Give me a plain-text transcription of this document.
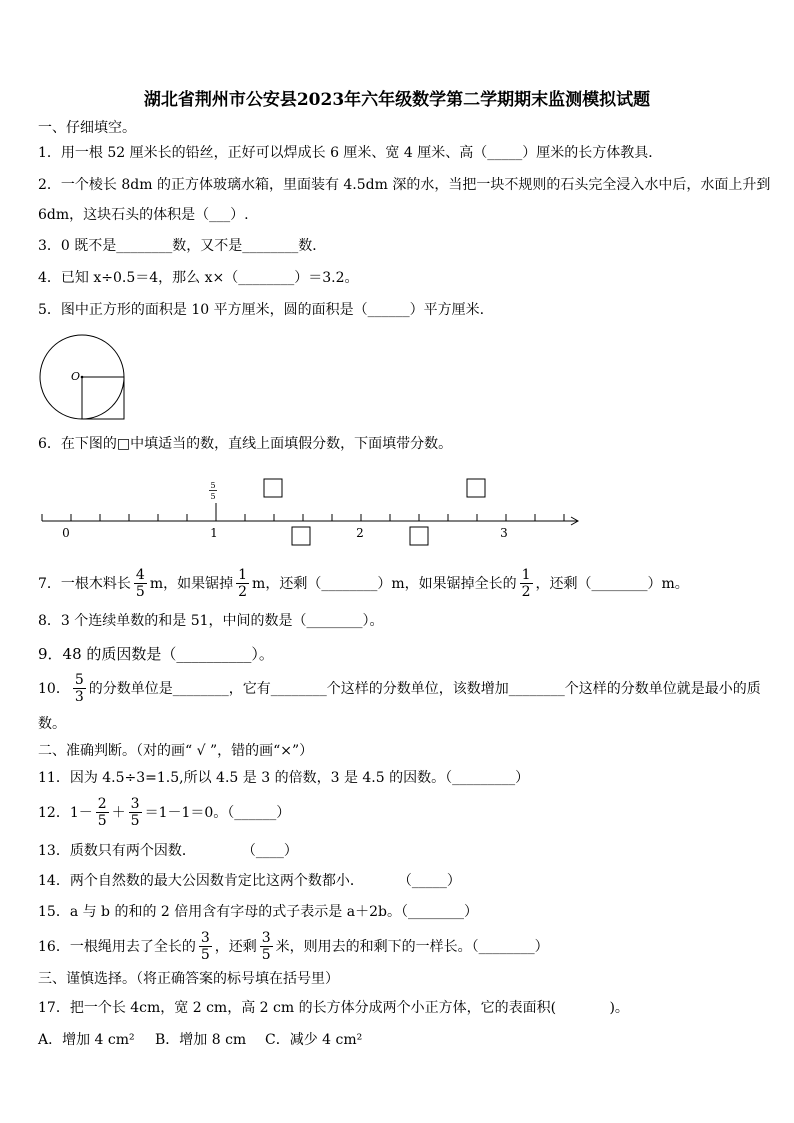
湖北省荆州市公安县2023年六年级数学第二学期期末监测模拟试题
一、仔细填空。
1．用一根 52 厘米长的铅丝，正好可以焊成长 6 厘米、宽 4 厘米、高（_____）厘米的长方体教具．
2．一个棱长 8dm 的正方体玻璃水箱，里面装有 4.5dm 深的水，当把一块不规则的石头完全浸入水中后，水面上升到
6dm，这块石头的体积是（___）.
3．0 既不是________数，又不是________数．
4．已知 x÷0.5＝4，那么 x×（________）＝3.2。
5．图中正方形的面积是 10 平方厘米，圆的面积是（______）平方厘米.
O
6．在下图的□中填适当的数，直线上面填假分数，下面填带分数。
0	1	2	3
5
5
7．一根木料长 $\frac{4}{5}$ m，如果锯掉 $\frac{1}{2}$ m，还剩（________）m，如果锯掉全长的 $\frac{1}{2}$ ，还剩（________）m。
8．3 个连续单数的和是 51，中间的数是（________）。
9．48 的质因数是（__________）。
10． $\frac{5}{3}$ 的分数单位是________，它有________个这样的分数单位，该数增加________个这样的分数单位就是最小的质
数。
二、准确判断。（对的画“ √ ”，错的画“×”）
11．因为 4.5÷3=1.5,所以 4.5 是 3 的倍数，3 是 4.5 的因数。（_________）
12．$1- \frac{2}{5} + \frac{3}{5} =1-1=0$。（______）
13．质数只有两个因数．	（____）
14．两个自然数的最大公因数肯定比这两个数都小． （_____）
15．a 与 b 的和的 2 倍用含有字母的式子表示是 a＋2b。（________）
16．一根绳用去了全长的 $\frac{3}{5}$ ，还剩 $\frac{3}{5}$ 米，则用去的和剩下的一样长。（________）
三、谨慎选择。（将正确答案的标号填在括号里）
17．把一个长 4cm，宽 2 cm，高 2 cm 的长方体分成两个小正方体，它的表面积(            )。
A．增加 4 cm² B．增加 8 cm C．减少 4 cm²
